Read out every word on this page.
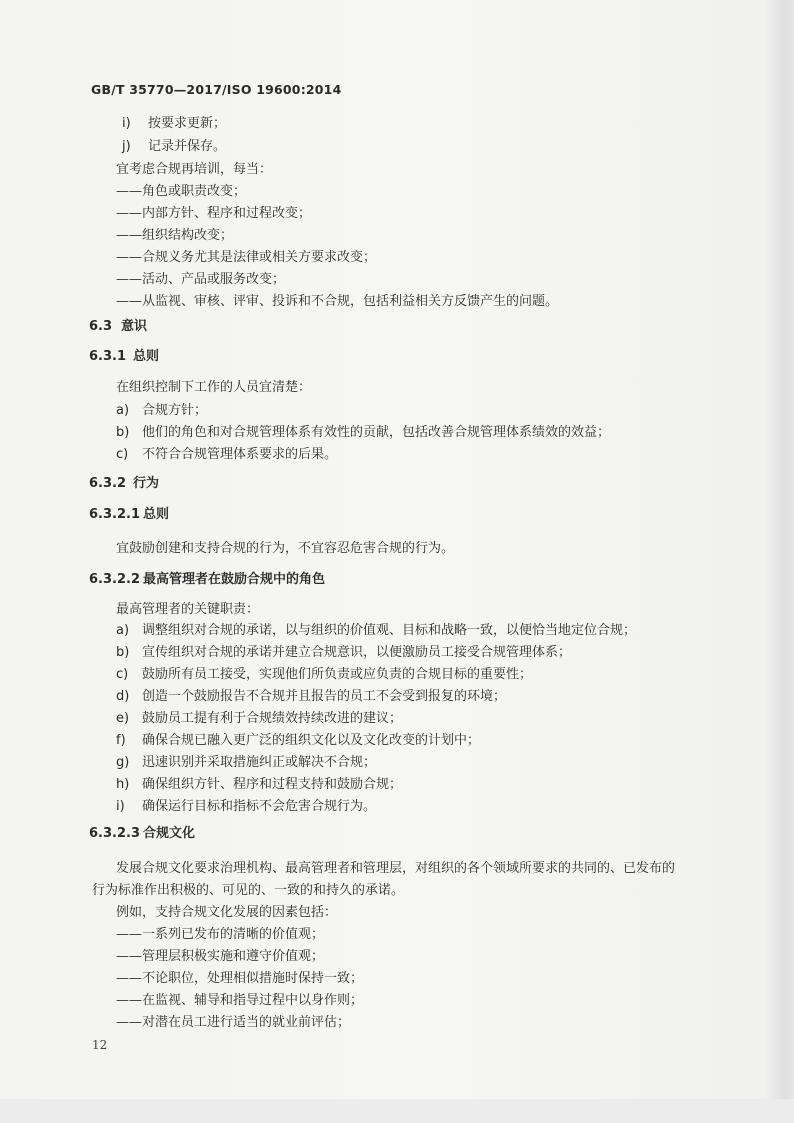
GB/T 35770—2017/ISO 19600:2014
i) 按要求更新；
j) 记录并保存。
宜考虑合规再培训，每当：
——角色或职责改变；
——内部方针、程序和过程改变；
——组织结构改变；
——合规义务尤其是法律或相关方要求改变；
——活动、产品或服务改变；
——从监视、审核、评审、投诉和不合规，包括利益相关方反馈产生的问题。
6.3 意识
6.3.1 总则
在组织控制下工作的人员宜清楚：
a) 合规方针；
b) 他们的角色和对合规管理体系有效性的贡献，包括改善合规管理体系绩效的效益；
c) 不符合合规管理体系要求的后果。
6.3.2 行为
6.3.2.1 总则
宜鼓励创建和支持合规的行为，不宜容忍危害合规的行为。
6.3.2.2 最高管理者在鼓励合规中的角色
最高管理者的关键职责：
a) 调整组织对合规的承诺，以与组织的价值观、目标和战略一致，以便恰当地定位合规；
b) 宣传组织对合规的承诺并建立合规意识，以便激励员工接受合规管理体系；
c) 鼓励所有员工接受，实现他们所负责或应负责的合规目标的重要性；
d) 创造一个鼓励报告不合规并且报告的员工不会受到报复的环境；
e) 鼓励员工提有利于合规绩效持续改进的建议；
f) 确保合规已融入更广泛的组织文化以及文化改变的计划中；
g) 迅速识别并采取措施纠正或解决不合规；
h) 确保组织方针、程序和过程支持和鼓励合规；
i) 确保运行目标和指标不会危害合规行为。
6.3.2.3 合规文化
发展合规文化要求治理机构、最高管理者和管理层，对组织的各个领域所要求的共同的、已发布的
行为标准作出积极的、可见的、一致的和持久的承诺。
例如，支持合规文化发展的因素包括：
——一系列已发布的清晰的价值观；
——管理层积极实施和遵守价值观；
——不论职位，处理相似措施时保持一致；
——在监视、辅导和指导过程中以身作则；
——对潜在员工进行适当的就业前评估；
12
